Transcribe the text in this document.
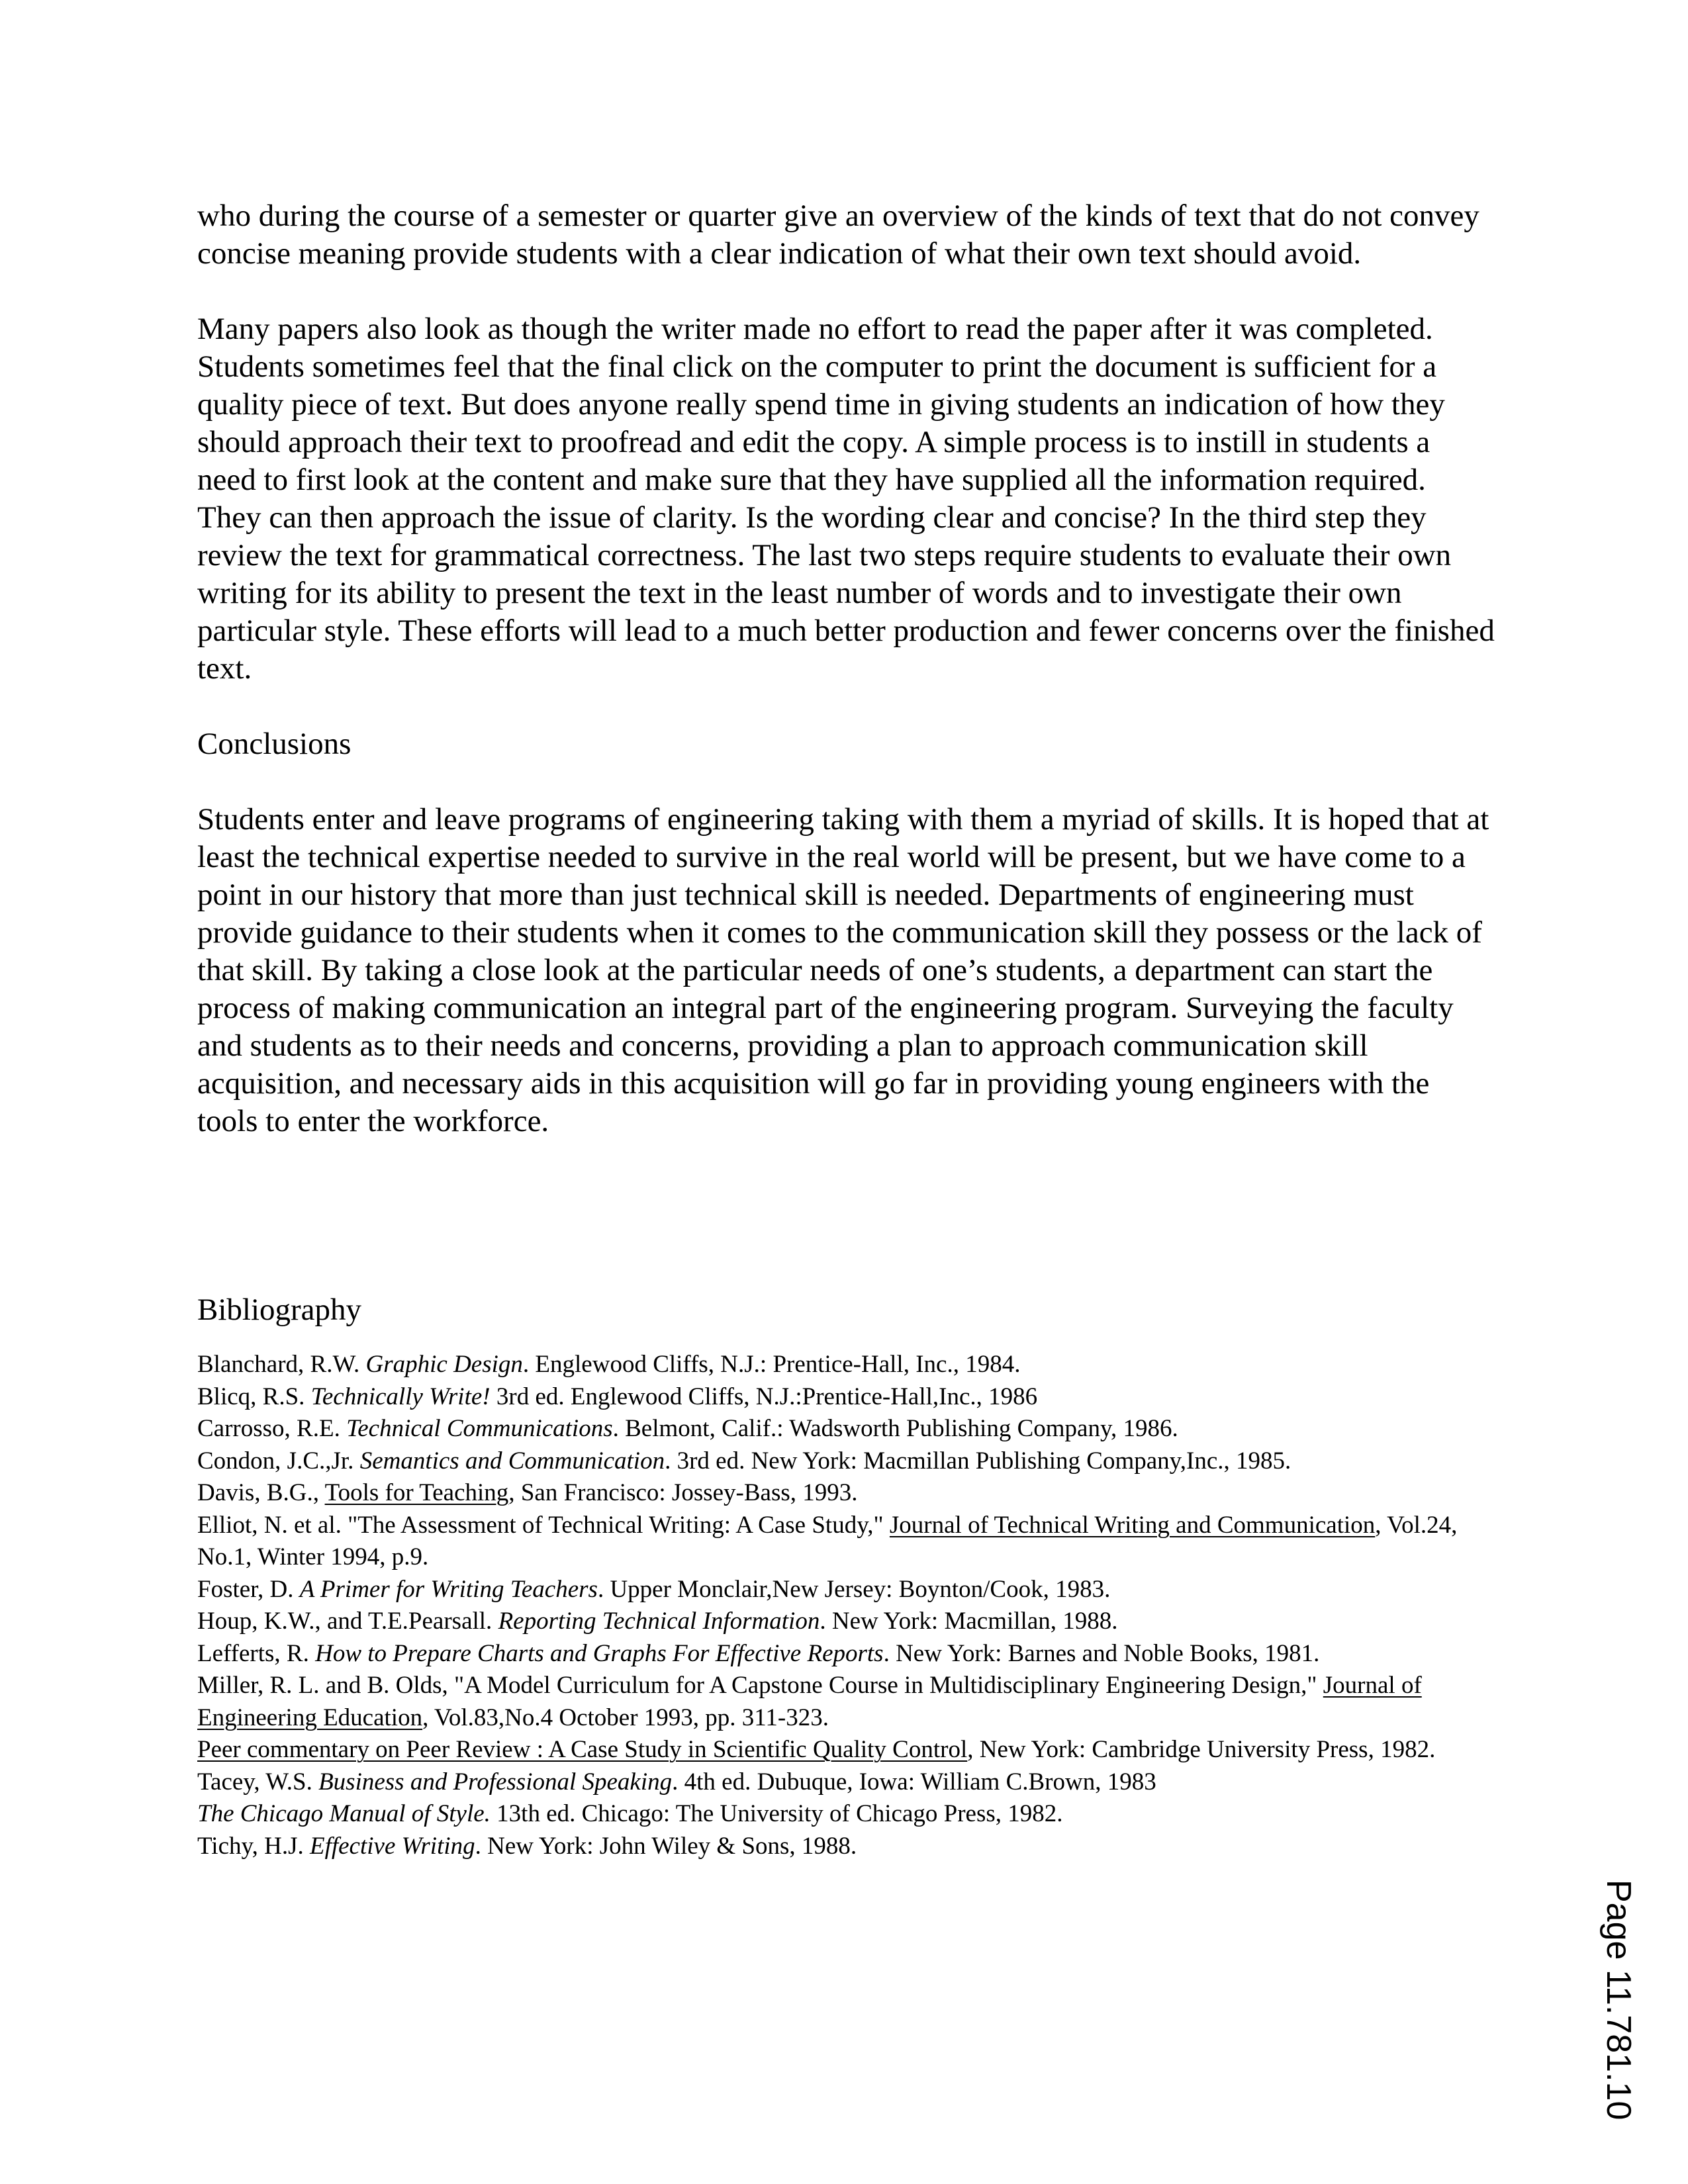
who during the course of a semester or quarter give an overview of the kinds of text that do not convey concise meaning provide students with a clear indication of what their own text should avoid.

Many papers also look as though the writer made no effort to read the paper after it was completed. Students sometimes feel that the final click on the computer to print the document is sufficient for a quality piece of text. But does anyone really spend time in giving students an indication of how they should approach their text to proofread and edit the copy. A simple process is to instill in students a need to first look at the content and make sure that they have supplied all the information required. They can then approach the issue of clarity. Is the wording clear and concise? In the third step they review the text for grammatical correctness. The last two steps require students to evaluate their own writing for its ability to present the text in the least number of words and to investigate their own particular style. These efforts will lead to a much better production and fewer concerns over the finished text.

Conclusions

Students enter and leave programs of engineering taking with them a myriad of skills. It is hoped that at least the technical expertise needed to survive in the real world will be present, but we have come to a point in our history that more than just technical skill is needed. Departments of engineering must provide guidance to their students when it comes to the communication skill they possess or the lack of that skill. By taking a close look at the particular needs of one’s students, a department can start the process of making communication an integral part of the engineering program. Surveying the faculty and students as to their needs and concerns, providing a plan to approach communication skill acquisition, and necessary aids in this acquisition will go far in providing young engineers with the tools to enter the workforce.

Bibliography

Blanchard, R.W. Graphic Design. Englewood Cliffs, N.J.: Prentice-Hall, Inc., 1984.

Blicq, R.S. Technically Write! 3rd ed. Englewood Cliffs, N.J.:Prentice-Hall,Inc., 1986

Carrosso, R.E. Technical Communications. Belmont, Calif.: Wadsworth Publishing Company, 1986.

Condon, J.C.,Jr. Semantics and Communication. 3rd ed. New York: Macmillan Publishing Company,Inc., 1985.

Davis, B.G., Tools for Teaching, San Francisco: Jossey-Bass, 1993.

Elliot, N. et al. "The Assessment of Technical Writing: A Case Study," Journal of Technical Writing and Communication, Vol.24, No.1, Winter 1994, p.9.

Foster, D. A Primer for Writing Teachers. Upper Monclair,New Jersey: Boynton/Cook, 1983.

Houp, K.W., and T.E.Pearsall. Reporting Technical Information. New York: Macmillan, 1988.

Lefferts, R. How to Prepare Charts and Graphs For Effective Reports. New York: Barnes and Noble Books, 1981.

Miller, R. L. and B. Olds, "A Model Curriculum for A Capstone Course in Multidisciplinary Engineering Design," Journal of Engineering Education, Vol.83,No.4 October 1993, pp. 311-323.

Peer commentary on Peer Review : A Case Study in Scientific Quality Control, New York: Cambridge University Press, 1982.

Tacey, W.S. Business and Professional Speaking. 4th ed. Dubuque, Iowa: William C.Brown, 1983

The Chicago Manual of Style. 13th ed. Chicago: The University of Chicago Press, 1982.

Tichy, H.J. Effective Writing. New York: John Wiley & Sons, 1988.

Page 11.781.10
